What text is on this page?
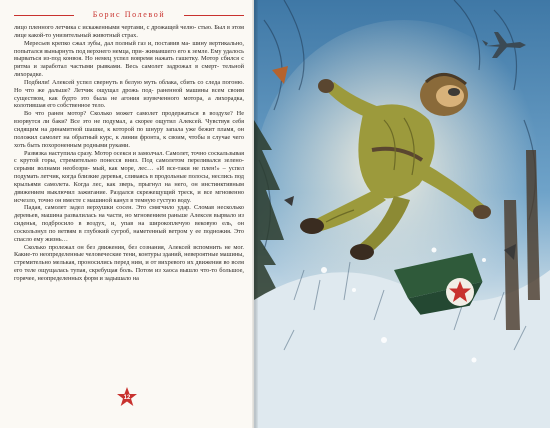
Борис Полевой

лицо пленного летчика с искаженными чертами, с дрожащей челю- стью. Был в этом лице какой-то унизительный животный страх.

Мересьев крепко сжал зубы, дал полный газ и, поставив ма- шину вертикально, попытался вынырнуть под верхнего немца, при- жимавшего его к земле. Ему удалось вырваться из-под конвоя. Но немец успел вовремя нажать гашетку. Мотор сбился с ритма и заработал частыми рывками. Весь самолет задрожал в смерт- тельной лихорадке.

Подбили! Алексей успел свернуть в белую муть облака, сбить со следа погоню. Но что же дальше? Летчик ощущал дрожь под- раненной машины всем своим существом, как будто это была не агония изувеченного мотора, а лихорадка, колотившая его собственное тело.

Во что ранен мотор? Сколько может самолет продержаться в воздухе? Не взорвутся ли баки? Все это не подумал, а скорее ощутил Алексей. Чувствуя себя сидящим на динамитной шашке, к которой по шнуру запала уже бежит пламя, он положил самолет на обратный курс, к линии фронта, к своим, чтобы в случае чего хоть быть похороненным родными руками.

Развязка наступила сразу. Мотор осекся и замолчал. Самолет, точно соскальзывая с крутой горы, стремительно понесся вниз. Под самолетом переливался зелено-серыми волнами необозри- мый, как море, лес… «И все-таки не плен!» – успел подумать летчик, когда близкие деревья, сливаясь в продольные полосы, неслись под крыльями самолета. Когда лес, как зверь, прыгнул на него, он инстинктивным движением выключил зажигание. Раздался скрежещущий треск, и все мгновенно исчезло, точно он вместе с машиной канул в темную густую воду.

Падая, самолет задел верхушки сосен. Это смягчило удар. Сломав несколько деревьев, машина развалилась на части, но мгновением раньше Алексея вырвало из сиденья, подбросило в воздух, и, упав на широкоплечую вековую ель, он соскользнул по ветвям в глубокий сугроб, наметенный ветром у ее подножия. Это спасло ему жизнь…

Сколько пролежал он без движения, без сознания, Алексей вспомнить не мог. Какие-то неопределенные человеческие тени, контуры зданий, невероятные машины, стремительно мелькая, проносились перед ним, и от вихревого их движения во всем его теле ощущалась тупая, скребущая боль. Потом из хаоса вышло что-то большое, горячее, неопределенных форм и задышало на

12
